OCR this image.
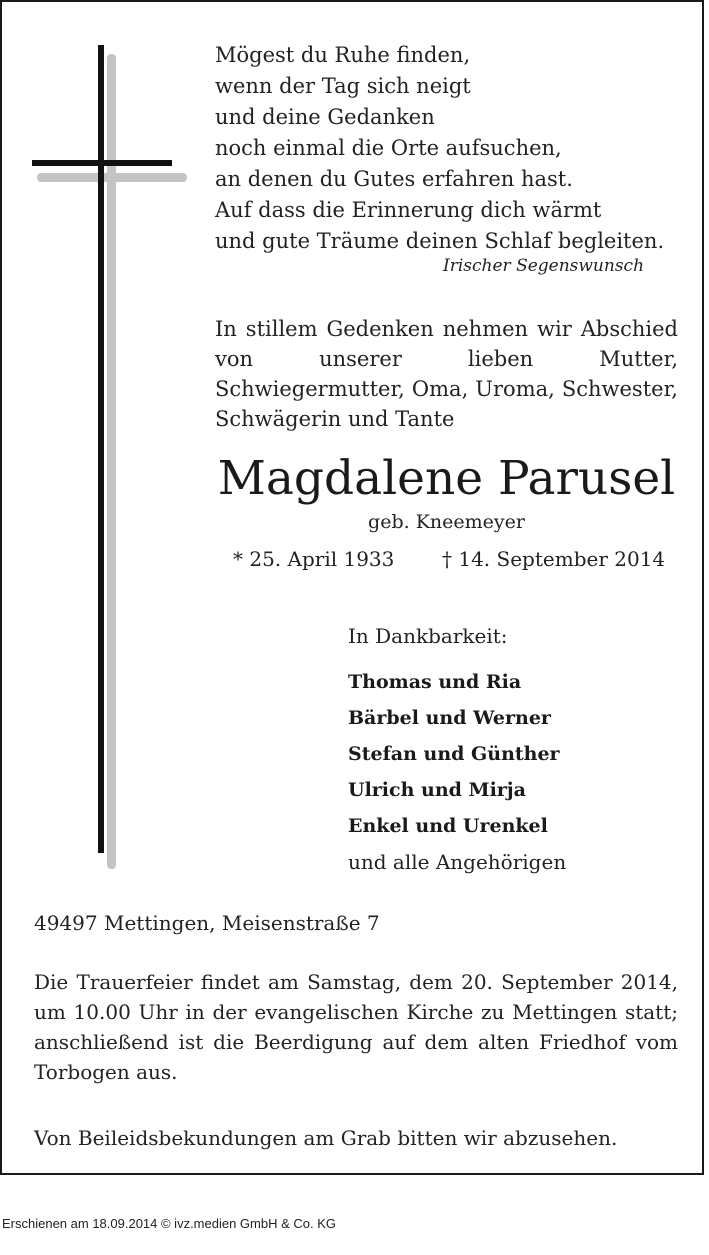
Mögest du Ruhe finden,
wenn der Tag sich neigt
und deine Gedanken
noch einmal die Orte aufsuchen,
an denen du Gutes erfahren hast.
Auf dass die Erinnerung dich wärmt
und gute Träume deinen Schlaf begleiten.
Irischer Segenswunsch
In stillem Gedenken nehmen wir Abschied von unserer lieben Mutter, Schwiegermutter, Oma, Uroma, Schwester, Schwägerin und Tante
Magdalene Parusel
geb. Kneemeyer
* 25. April 1933 † 14. September 2014
In Dankbarkeit:
Thomas und Ria
Bärbel und Werner
Stefan und Günther
Ulrich und Mirja
Enkel und Urenkel
und alle Angehörigen
49497 Mettingen, Meisenstraße 7
Die Trauerfeier findet am Samstag, dem 20. September 2014, um 10.00 Uhr in der evangelischen Kirche zu Mettingen statt; anschließend ist die Beerdigung auf dem alten Friedhof vom Torbogen aus.
Von Beileidsbekundungen am Grab bitten wir abzusehen.
Erschienen am 18.09.2014 © ivz.medien GmbH & Co. KG
